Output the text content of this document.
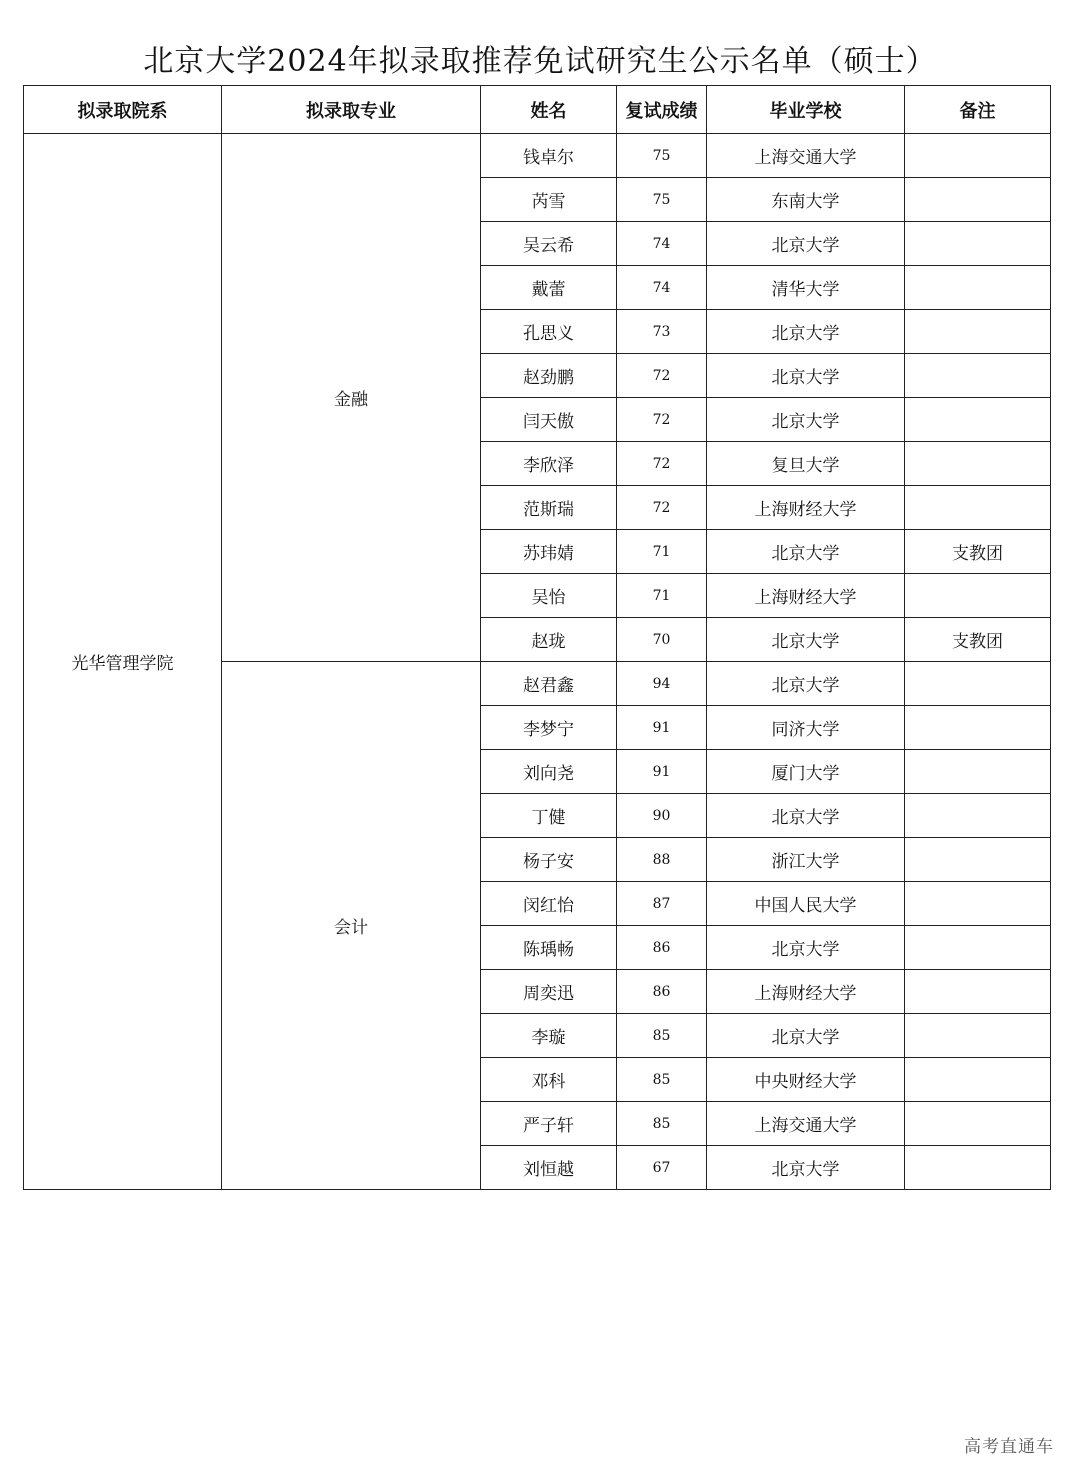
北京大学2024年拟录取推荐免试研究生公示名单（硕士）
拟录取院系	拟录取专业	姓名	复试成绩	毕业学校	备注
光华管理学院	金融	钱卓尔	75	上海交通大学	
		芮雪	75	东南大学	
		吴云希	74	北京大学	
		戴蕾	74	清华大学	
		孔思义	73	北京大学	
		赵劲鹏	72	北京大学	
		闫天傲	72	北京大学	
		李欣泽	72	复旦大学	
		范斯瑞	72	上海财经大学	
		苏玮婧	71	北京大学	支教团
		吴怡	71	上海财经大学	
		赵珑	70	北京大学	支教团
	会计	赵君鑫	94	北京大学	
		李梦宁	91	同济大学	
		刘向尧	91	厦门大学	
		丁健	90	北京大学	
		杨子安	88	浙江大学	
		闵红怡	87	中国人民大学	
		陈瑀畅	86	北京大学	
		周奕迅	86	上海财经大学	
		李璇	85	北京大学	
		邓科	85	中央财经大学	
		严子轩	85	上海交通大学	
		刘恒越	67	北京大学	
高考直通车
